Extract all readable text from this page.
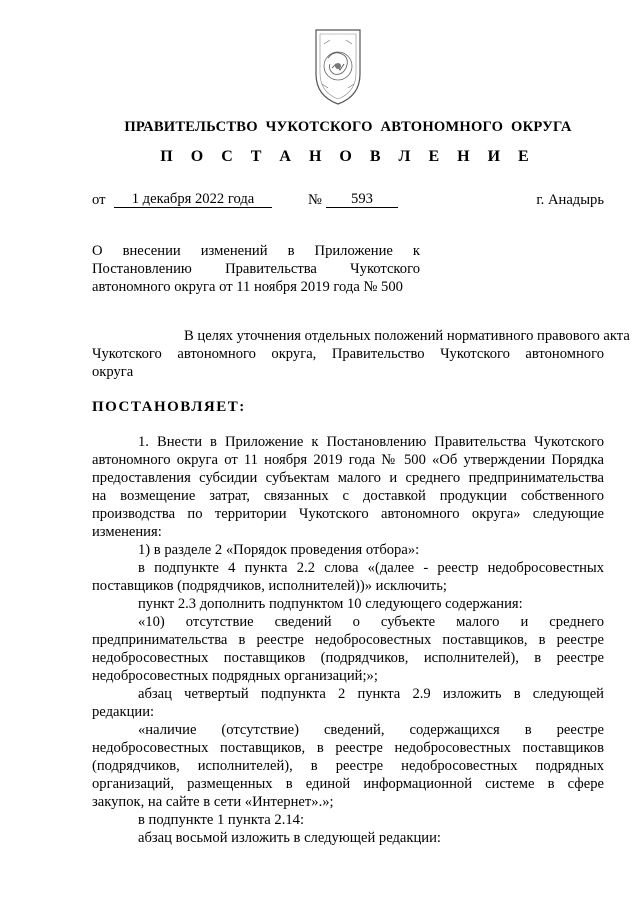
ПРАВИТЕЛЬСТВО ЧУКОТСКОГО АВТОНОМНОГО ОКРУГА
П О С Т А Н О В Л Е Н И Е
от	1 декабря 2022 года	№	593	г. Анадырь
О внесении изменений в Приложение к
Постановлению Правительства Чукотского
автономного округа от 11 ноября 2019 года № 500
В целях уточнения отдельных положений нормативного правового акта
Чукотского автономного округа, Правительство Чукотского автономного
округа
ПОСТАНОВЛЯЕТ:
1. Внести в Приложение к Постановлению Правительства Чукотского
автономного округа от 11 ноября 2019 года № 500 «Об утверждении Порядка
предоставления субсидии субъектам малого и среднего предпринимательства
на возмещение затрат, связанных с доставкой продукции собственного
производства по территории Чукотского автономного округа» следующие
изменения:
1) в разделе 2 «Порядок проведения отбора»:
в подпункте 4 пункта 2.2 слова «(далее - реестр недобросовестных
поставщиков (подрядчиков, исполнителей))» исключить;
пункт 2.3 дополнить подпунктом 10 следующего содержания:
«10) отсутствие сведений о субъекте малого и среднего
предпринимательства в реестре недобросовестных поставщиков, в реестре
недобросовестных поставщиков (подрядчиков, исполнителей), в реестре
недобросовестных подрядных организаций;»;
абзац четвертый подпункта 2 пункта 2.9 изложить в следующей
редакции:
«наличие (отсутствие) сведений, содержащихся в реестре
недобросовестных поставщиков, в реестре недобросовестных поставщиков
(подрядчиков, исполнителей), в реестре недобросовестных подрядных
организаций, размещенных в единой информационной системе в сфере
закупок, на сайте в сети «Интернет».»;
в подпункте 1 пункта 2.14:
абзац восьмой изложить в следующей редакции:
